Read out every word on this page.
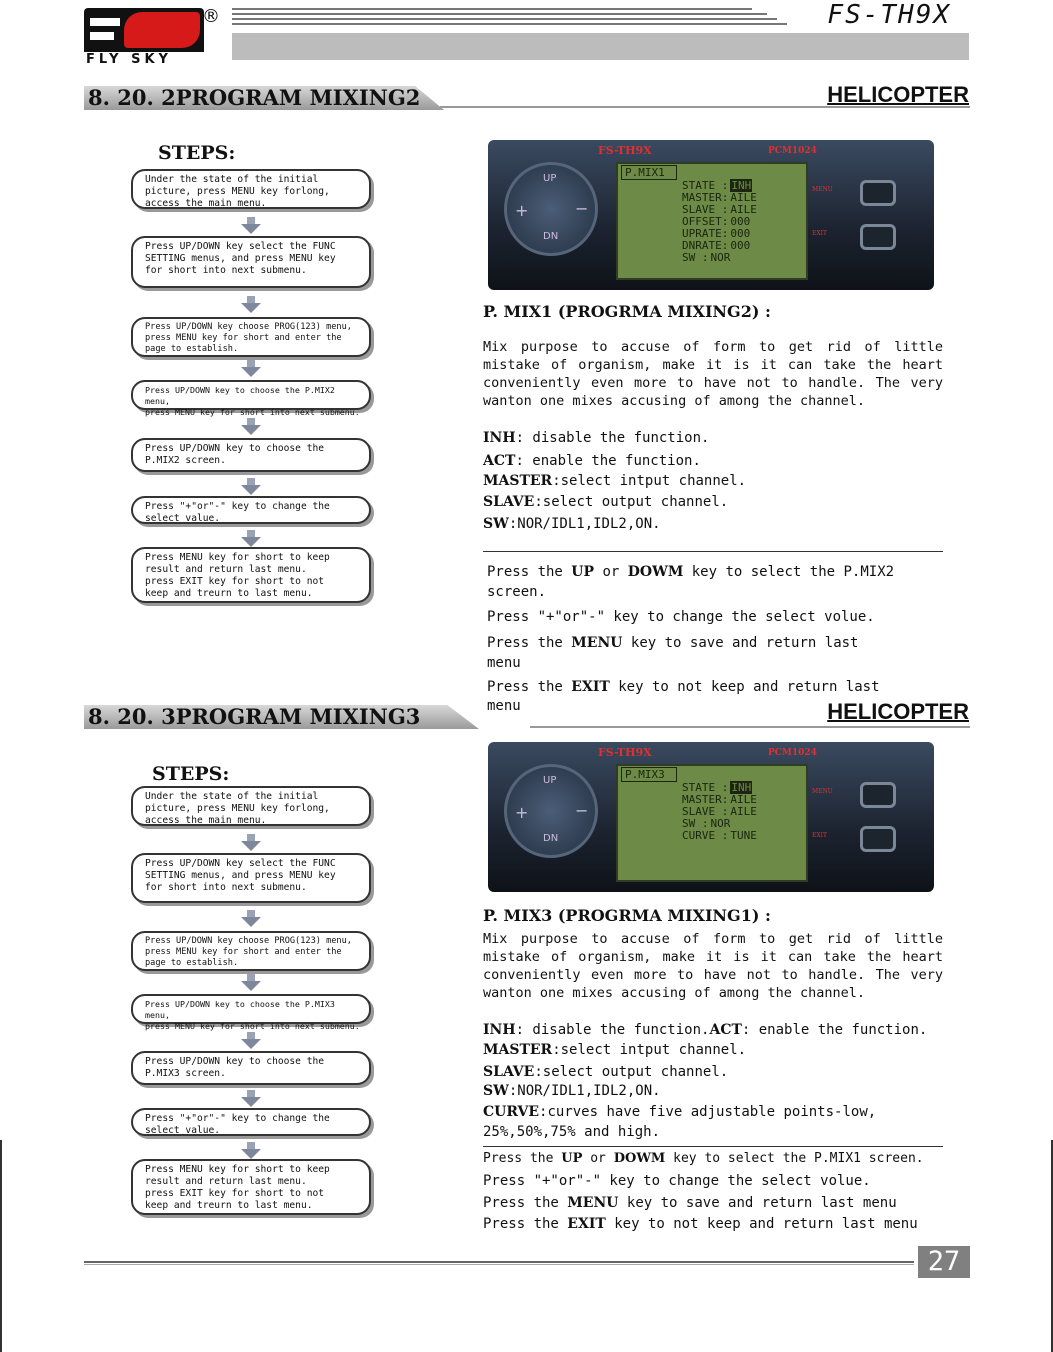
FLY SKY
®	FS-TH9X
8. 20. 2PROGRAM MIXING2	HELICOPTER
STEPS:
Under the state of the initial
picture, press MENU key forlong,
access the main menu.
Press UP/DOWN key select the FUNC
SETTING menus, and press MENU key
for short into next submenu.
Press UP/DOWN key choose PROG(123) menu,
press MENU key for short and enter the
page to establish.
Press UP/DOWN key to choose the P.MIX2 menu,
press MENU key for short into next submenu.
Press UP/DOWN key to choose the
P.MIX2 screen.
Press "+"or"-" key to change the
select value.
Press MENU key for short to keep
result and return last menu.
press EXIT key for short to not
keep and treurn to last menu.
FS-TH9X	PCM1024
UP
+	−
DN
P.MIX1
STATE : INH
MASTER: AILE
SLAVE : AILE
OFFSET: 000
UPRATE: 000
DNRATE: 000
SW : NOR
MENU
EXIT
P. MIX1 (PROGRMA MIXING2) :
Mix purpose to accuse of form to get rid of little mistake of organism, make it is it can take the heart conveniently even more to have not to handle. The very wanton one mixes accusing of among the channel.
INH: disable the function.
ACT: enable the function.
MASTER:select intput channel.
SLAVE:select output channel.
SW:NOR/IDL1,IDL2,ON.
Press the UP or DOWM key to select the P.MIX2
screen.
Press "+"or"-" key to change the select volue.
Press the MENU key to save and return last
menu
Press the EXIT key to not keep and return last
menu
8. 20. 3PROGRAM MIXING3	HELICOPTER
STEPS:
Under the state of the initial
picture, press MENU key forlong,
access the main menu.
Press UP/DOWN key select the FUNC
SETTING menus, and press MENU key
for short into next submenu.
Press UP/DOWN key choose PROG(123) menu,
press MENU key for short and enter the
page to establish.
Press UP/DOWN key to choose the P.MIX3 menu,
press MENU key for short into next submenu.
Press UP/DOWN key to choose the
P.MIX3 screen.
Press "+"or"-" key to change the
select value.
Press MENU key for short to keep
result and return last menu.
press EXIT key for short to not
keep and treurn to last menu.
FS-TH9X	PCM1024
UP
+	−
DN
P.MIX3
STATE : INH
MASTER: AILE
SLAVE : AILE
SW : NOR
CURVE : TUNE
MENU
EXIT
P. MIX3 (PROGRMA MIXING1) :
Mix purpose to accuse of form to get rid of little mistake of organism, make it is it can take the heart conveniently even more to have not to handle. The very wanton one mixes accusing of among the channel.
INH: disable the function.ACT: enable the function.
MASTER:select intput channel.
SLAVE:select output channel.
SW:NOR/IDL1,IDL2,ON.
CURVE:curves have five adjustable points-low,
25%,50%,75% and high.
Press the UP or DOWM key to select the P.MIX1 screen.
Press "+"or"-" key to change the select volue.
Press the MENU key to save and return last menu
Press the EXIT key to not keep and return last menu
27
